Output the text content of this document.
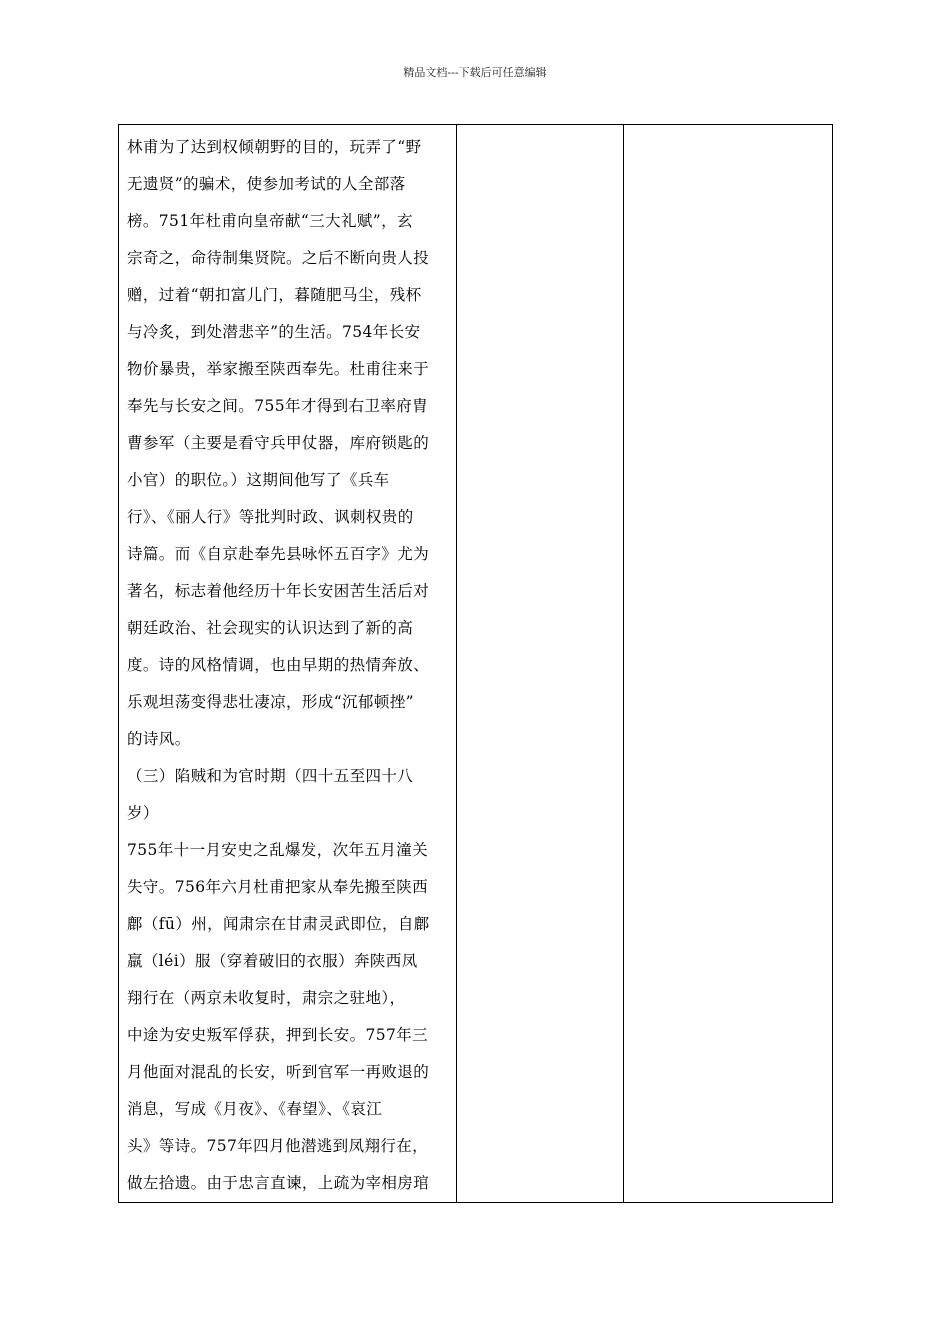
精品文档---下载后可任意编辑
林甫为了达到权倾朝野的目的，玩弄了“野
无遗贤”的骗术，使参加考试的人全部落
榜。751年杜甫向皇帝献“三大礼赋”，玄
宗奇之，命待制集贤院。之后不断向贵人投
赠，过着“朝扣富儿门，暮随肥马尘，残杯
与冷炙，到处潜悲辛”的生活。754年长安
物价暴贵，举家搬至陕西奉先。杜甫往来于
奉先与长安之间。755年才得到右卫率府胄
曹参军（主要是看守兵甲仗器，库府锁匙的
小官）的职位。）这期间他写了《兵车
行》、《丽人行》等批判时政、讽刺权贵的
诗篇。而《自京赴奉先县咏怀五百字》尤为
著名，标志着他经历十年长安困苦生活后对
朝廷政治、社会现实的认识达到了新的高
度。诗的风格情调，也由早期的热情奔放、
乐观坦荡变得悲壮凄凉，形成“沉郁顿挫”
的诗风。
（三）陷贼和为官时期（四十五至四十八
岁）
755年十一月安史之乱爆发，次年五月潼关
失守。756年六月杜甫把家从奉先搬至陕西
鄜（fū）州，闻肃宗在甘肃灵武即位，自鄜
羸（léi）服（穿着破旧的衣服）奔陕西凤
翔行在（两京未收复时，肃宗之驻地），
中途为安史叛军俘获，押到长安。757年三
月他面对混乱的长安，听到官军一再败退的
消息，写成《月夜》、《春望》、《哀江
头》等诗。757年四月他潜逃到凤翔行在，
做左拾遗。由于忠言直谏，上疏为宰相房琯
